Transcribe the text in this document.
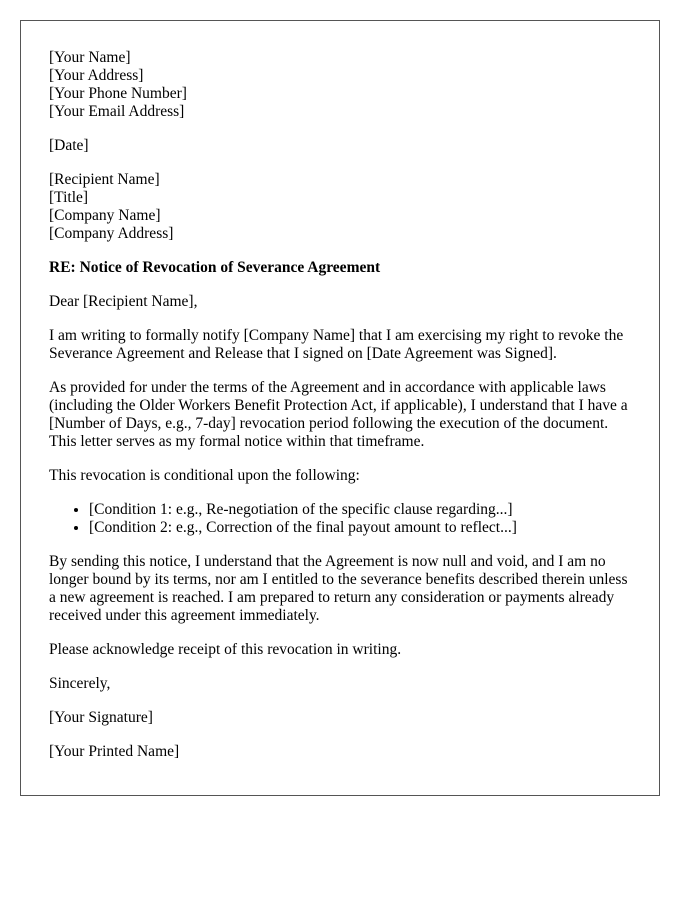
[Your Name]
[Your Address]
[Your Phone Number]
[Your Email Address]

[Date]

[Recipient Name]
[Title]
[Company Name]
[Company Address]

RE: Notice of Revocation of Severance Agreement

Dear [Recipient Name],

I am writing to formally notify [Company Name] that I am exercising my right to revoke the Severance Agreement and Release that I signed on [Date Agreement was Signed].

As provided for under the terms of the Agreement and in accordance with applicable laws (including the Older Workers Benefit Protection Act, if applicable), I understand that I have a [Number of Days, e.g., 7-day] revocation period following the execution of the document. This letter serves as my formal notice within that timeframe.

This revocation is conditional upon the following:

• [Condition 1: e.g., Re-negotiation of the specific clause regarding...]
• [Condition 2: e.g., Correction of the final payout amount to reflect...]

By sending this notice, I understand that the Agreement is now null and void, and I am no longer bound by its terms, nor am I entitled to the severance benefits described therein unless a new agreement is reached. I am prepared to return any consideration or payments already received under this agreement immediately.

Please acknowledge receipt of this revocation in writing.

Sincerely,

[Your Signature]

[Your Printed Name]
